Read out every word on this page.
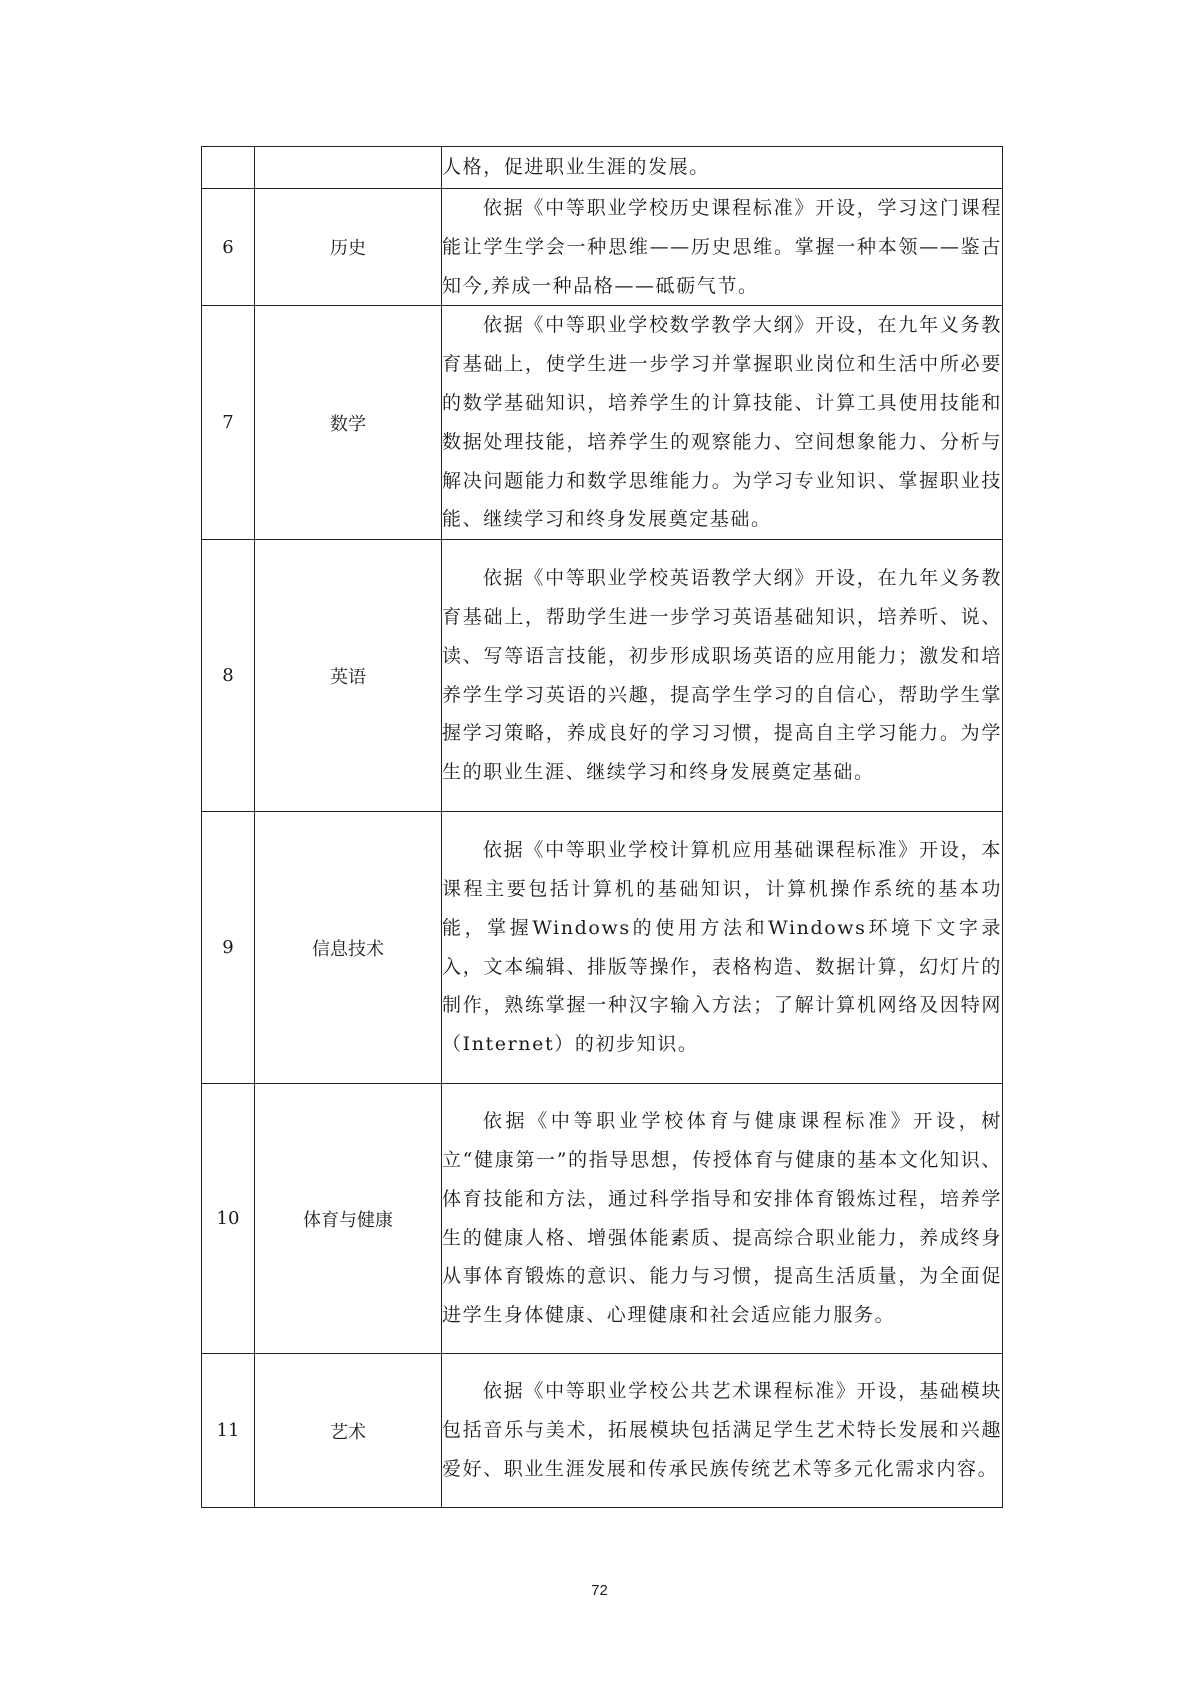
		人格，促进职业生涯的发展。
6	历史	依据《中等职业学校历史课程标准》开设，学习这门课程能让学生学会一种思维——历史思维。掌握一种本领——鉴古知今,养成一种品格——砥砺气节。
7	数学	依据《中等职业学校数学教学大纲》开设，在九年义务教育基础上，使学生进一步学习并掌握职业岗位和生活中所必要的数学基础知识，培养学生的计算技能、计算工具使用技能和数据处理技能，培养学生的观察能力、空间想象能力、分析与解决问题能力和数学思维能力。为学习专业知识、掌握职业技能、继续学习和终身发展奠定基础。
8	英语	依据《中等职业学校英语教学大纲》开设，在九年义务教育基础上，帮助学生进一步学习英语基础知识，培养听、说、读、写等语言技能，初步形成职场英语的应用能力；激发和培养学生学习英语的兴趣，提高学生学习的自信心，帮助学生掌握学习策略，养成良好的学习习惯，提高自主学习能力。为学生的职业生涯、继续学习和终身发展奠定基础。
9	信息技术	依据《中等职业学校计算机应用基础课程标准》开设，本课程主要包括计算机的基础知识，计算机操作系统的基本功能，掌握Windows的使用方法和Windows环境下文字录入，文本编辑、排版等操作，表格构造、数据计算，幻灯片的制作，熟练掌握一种汉字输入方法；了解计算机网络及因特网（Internet）的初步知识。
10	体育与健康	依据《中等职业学校体育与健康课程标准》开设，树立“健康第一”的指导思想，传授体育与健康的基本文化知识、体育技能和方法，通过科学指导和安排体育锻炼过程，培养学生的健康人格、增强体能素质、提高综合职业能力，养成终身从事体育锻炼的意识、能力与习惯，提高生活质量，为全面促进学生身体健康、心理健康和社会适应能力服务。
11	艺术	依据《中等职业学校公共艺术课程标准》开设，基础模块包括音乐与美术，拓展模块包括满足学生艺术特长发展和兴趣爱好、职业生涯发展和传承民族传统艺术等多元化需求内容。
72
